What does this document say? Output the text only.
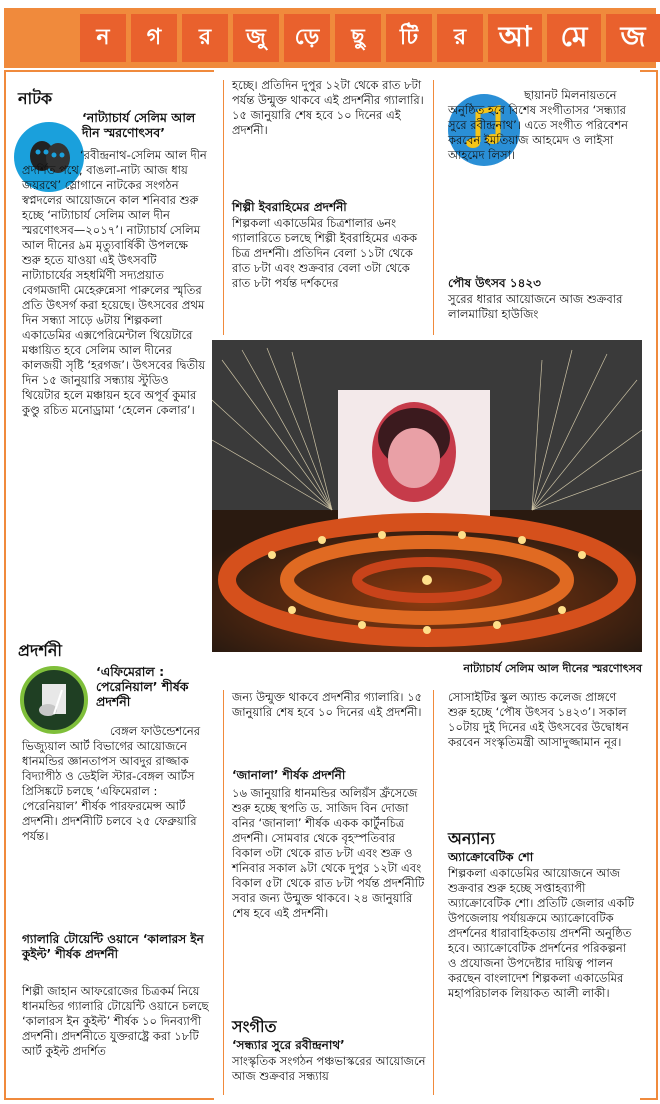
ন	গ	র	জু	ড়ে	ছু	টি	র	আ	মে	জ
নাটক
‘নাট্যাচার্য সেলিম আল দীন স্মরণোৎসব’

‘রবীন্দ্রনাথ-সেলিম আল দীন প্রদর্শিত পথে, বাঙলা-নাট্য আজ ধায় জয়রথে’ স্লোগানে নাটকের সংগঠন স্বপ্নদলের আয়োজনে কাল শনিবার শুরু হচ্ছে ‘নাট্যাচার্য সেলিম আল দীন স্মরণোৎসব—২০১৭’। নাট্যাচার্য সেলিম আল দীনের ৯ম মৃত্যুবার্ষিকী উপলক্ষে শুরু হতে যাওয়া এই উৎসবটি নাট্যাচার্যের সহধর্মিণী সদ্যপ্রয়াত বেগমজাদী মেহেরুন্নেসা পারুলের স্মৃতির প্রতি উৎসর্গ করা হয়েছে। উৎসবের প্রথম দিন সন্ধ্যা সাড়ে ৬টায় শিল্পকলা একাডেমির এক্সপেরিমেন্টাল থিয়েটারে মঞ্চায়িত হবে সেলিম আল দীনের কালজয়ী সৃষ্টি ‘হরগজ’। উৎসবের দ্বিতীয় দিন ১৫ জানুয়ারি সন্ধ্যায় স্টুডিও থিয়েটার হলে মঞ্চায়ন হবে অপূর্ব কুমার কুণ্ডু রচিত মনোড্রামা ‘হেলেন কেলার’।

প্রদর্শনী
‘এফিমেরাল : পেরেনিয়াল’ শীর্ষক প্রদর্শনী

বেঙ্গল ফাউন্ডেশনের ভিজ্যুয়াল আর্ট বিভাগের আয়োজনে ধানমন্ডির জ্ঞানতাপস আবদুর রাজ্জাক বিদ্যাপীঠ ও ডেইলি স্টার-বেঙ্গল আর্টস প্রিসিঙ্কটে চলছে ‘এফিমেরাল : পেরেনিয়াল’ শীর্ষক পারফরমেন্স আর্ট প্রদর্শনী। প্রদর্শনীটি চলবে ২৫ ফেব্রুয়ারি পর্যন্ত।

গ্যালারি টোয়েন্টি ওয়ানে ‘কালারস ইন কুইল্ট’ শীর্ষক প্রদর্শনী

শিল্পী জাহান আফরোজের চিত্রকর্ম নিয়ে ধানমন্ডির গ্যালারি টোয়েন্টি ওয়ানে চলছে ‘কালারস ইন কুইল্ট’ শীর্ষক ১০ দিনব্যাপী প্রদর্শনী। প্রদর্শনীতে যুক্তরাষ্ট্রে করা ১৮টি আর্ট কুইল্ট প্রদর্শিত

হচ্ছে। প্রতিদিন দুপুর ১২টা থেকে রাত ৮টা পর্যন্ত উন্মুক্ত থাকবে এই প্রদর্শনীর গ্যালারি। ১৫ জানুয়ারি শেষ হবে ১০ দিনের এই প্রদর্শনী।

শিল্পী ইবরাহিমের প্রদর্শনী

শিল্পকলা একাডেমির চিত্রশালার ৬নং গ্যালারিতে চলছে শিল্পী ইবরাহিমের একক চিত্র প্রদর্শনী। প্রতিদিন বেলা ১১টা থেকে রাত ৮টা এবং শুক্রবার বেলা ৩টা থেকে রাত ৮টা পর্যন্ত দর্শকদের

ছায়ানট মিলনায়তনে অনুষ্ঠিত হবে বিশেষ সংগীতাসর ‘সন্ধ্যার সুরে রবীন্দ্রনাথ’। এতে সংগীত পরিবেশন করবেন ইমতিয়াজ আহমেদ ও লাইসা আহমেদ লিসা।

পৌষ উৎসব ১৪২৩

সুরের ধারার আয়োজনে আজ শুক্রবার লালমাটিয়া হাউজিং

নাট্যাচার্য সেলিম আল দীনের স্মরণোৎসব

জন্য উন্মুক্ত থাকবে প্রদর্শনীর গ্যালারি। ১৫ জানুয়ারি শেষ হবে ১০ দিনের এই প্রদর্শনী।

‘জানালা’ শীর্ষক প্রদর্শনী

১৬ জানুয়ারি ধানমন্ডির অলিয়ঁস ফ্রঁসেজে শুরু হচ্ছে স্থপতি ড. সাজিদ বিন দোজা বনির ‘জানালা’ শীর্ষক একক কার্টুনচিত্র প্রদর্শনী। সোমবার থেকে বৃহস্পতিবার বিকাল ৩টা থেকে রাত ৮টা এবং শুক্র ও শনিবার সকাল ৯টা থেকে দুপুর ১২টা এবং বিকাল ৫টা থেকে রাত ৮টা পর্যন্ত প্রদর্শনীটি সবার জন্য উন্মুক্ত থাকবে। ২৪ জানুয়ারি শেষ হবে এই প্রদর্শনী।

সংগীত
‘সন্ধ্যার সুরে রবীন্দ্রনাথ’

সাংস্কৃতিক সংগঠন পঞ্চভাস্করের আয়োজনে আজ শুক্রবার সন্ধ্যায়

সোসাইটির স্কুল অ্যান্ড কলেজ প্রাঙ্গণে শুরু হচ্ছে ‘পৌষ উৎসব ১৪২৩’। সকাল ১০টায় দুই দিনের এই উৎসবের উদ্বোধন করবেন সংস্কৃতিমন্ত্রী আসাদুজ্জামান নূর।

অন্যান্য
অ্যাক্রোবেটিক শো

শিল্পকলা একাডেমির আয়োজনে আজ শুক্রবার শুরু হচ্ছে সপ্তাহব্যাপী অ্যাক্রোবেটিক শো। প্রতিটি জেলার একটি উপজেলায় পর্যায়ক্রমে অ্যাক্রোবেটিক প্রদর্শনের ধারাবাহিকতায় প্রদর্শনী অনুষ্ঠিত হবে। অ্যাক্রোবেটিক প্রদর্শনের পরিকল্পনা ও প্রযোজনা উপদেষ্টার দায়িত্ব পালন করছেন বাংলাদেশ শিল্পকলা একাডেমির মহাপরিচালক লিয়াকত আলী লাকী।
